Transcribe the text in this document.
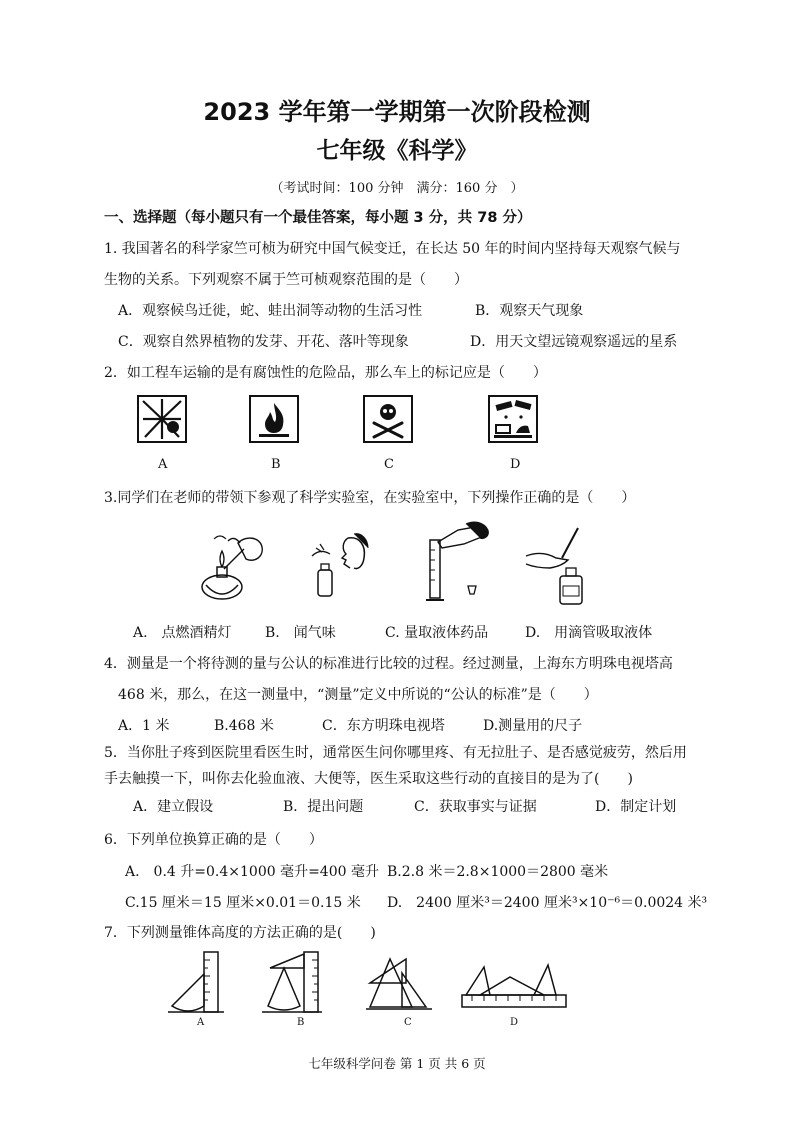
2023 学年第一学期第一次阶段检测
七年级《科学》
（考试时间：100 分钟　满分：160 分　）
一、选择题（每小题只有一个最佳答案，每小题 3 分，共 78 分）
1. 我国著名的科学家竺可桢为研究中国气候变迁，在长达 50 年的时间内坚持每天观察气候与
生物的关系。下列观察不属于竺可桢观察范围的是（　　）
A．观察候鸟迁徙，蛇、蛙出洞等动物的生活习性	B．观察天气现象
C．观察自然界植物的发芽、开花、落叶等现象	D．用天文望远镜观察遥远的星系
2．如工程车运输的是有腐蚀性的危险品，那么车上的标记应是（　　）
A	B	C	D
3.同学们在老师的带领下参观了科学实验室，在实验室中，下列操作正确的是（　　）
A.　点燃酒精灯 B.　闻气味	C. 量取液体药品	D.　用滴管吸取液体
4．测量是一个将待测的量与公认的标准进行比较的过程。经过测量，上海东方明珠电视塔高
468 米，那么，在这一测量中，“测量”定义中所说的“公认的标准”是（　　）
A．1 米	B.468 米	C．东方明珠电视塔	D.测量用的尺子
5．当你肚子疼到医院里看医生时，通常医生问你哪里疼、有无拉肚子、是否感觉疲劳，然后用
手去触摸一下，叫你去化验血液、大便等，医生采取这些行动的直接目的是为了(　　)
A．建立假设	B．提出问题	C．获取事实与证据	D．制定计划
6．下列单位换算正确的是（　　）
A.　0.4 升=0.4×1000 毫升=400 毫升 B.2.8 米＝2.8×1000＝2800 毫米
C.15 厘米＝15 厘米×0.01＝0.15 米 D.　2400 厘米³＝2400 厘米³×10⁻⁶＝0.0024 米³
7．下列测量锥体高度的方法正确的是(　　)
A	B	C	D
七年级科学问卷 第 1 页 共 6 页
